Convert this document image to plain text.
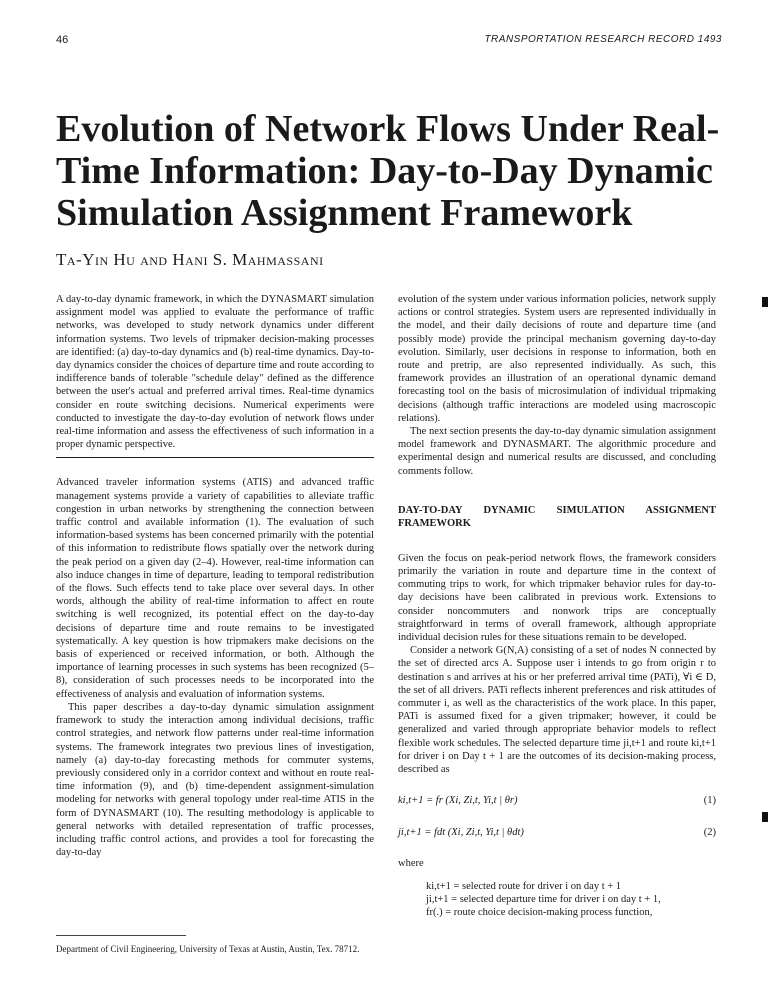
46	TRANSPORTATION RESEARCH RECORD 1493
Evolution of Network Flows Under Real-Time Information: Day-to-Day Dynamic Simulation Assignment Framework
Ta-Yin Hu and Hani S. Mahmassani

A day-to-day dynamic framework, in which the DYNASMART simulation assignment model was applied to evaluate the performance of traffic networks, was developed to study network dynamics under different information systems. Two levels of tripmaker decision-making processes are identified: (a) day-to-day dynamics and (b) real-time dynamics. Day-to-day dynamics consider the choices of departure time and route according to indifference bands of tolerable "schedule delay" defined as the difference between the user's actual and preferred arrival times. Real-time dynamics consider en route switching decisions. Numerical experiments were conducted to investigate the day-to-day evolution of network flows under real-time information and assess the effectiveness of such information in a proper dynamic perspective.

Advanced traveler information systems (ATIS) and advanced traffic management systems provide a variety of capabilities to alleviate traffic congestion in urban networks by strengthening the connection between traffic control and available information (1). The evaluation of such information-based systems has been concerned primarily with the potential of this information to redistribute flows spatially over the network during the peak period on a given day (2–4). However, real-time information can also induce changes in time of departure, leading to temporal redistribution of the flows. Such effects tend to take place over several days. In other words, although the ability of real-time information to affect en route switching is well recognized, its potential effect on the day-to-day decisions of departure time and route remains to be investigated systematically. A key question is how tripmakers make decisions on the basis of experienced or received information, or both. Although the importance of learning processes in such systems has been recognized (5–8), consideration of such processes needs to be incorporated into the effectiveness of analysis and evaluation of information systems.

This paper describes a day-to-day dynamic simulation assignment framework to study the interaction among individual decisions, traffic control strategies, and network flow patterns under real-time information systems. The framework integrates two previous lines of investigation, namely (a) day-to-day forecasting methods for commuter systems, previously considered only in a corridor context and without en route real-time information (9), and (b) time-dependent assignment-simulation modeling for networks with general topology under real-time ATIS in the form of DYNASMART (10). The resulting methodology is applicable to general networks with detailed representation of traffic processes, including traffic control actions, and provides a tool for forecasting the day-to-day

evolution of the system under various information policies, network supply actions or control strategies. System users are represented individually in the model, and their daily decisions of route and departure time (and possibly mode) provide the principal mechanism governing day-to-day evolution. Similarly, user decisions in response to information, both en route and pretrip, are also represented individually. As such, this framework provides an illustration of an operational dynamic demand forecasting tool on the basis of microsimulation of individual tripmaking decisions (although traffic interactions are modeled using macroscopic relations).

The next section presents the day-to-day dynamic simulation assignment model framework and DYNASMART. The algorithmic procedure and experimental design and numerical results are discussed, and concluding comments follow.

DAY-TO-DAY DYNAMIC SIMULATION ASSIGNMENT FRAMEWORK

Given the focus on peak-period network flows, the framework considers primarily the variation in route and departure time in the context of commuting trips to work, for which tripmaker behavior rules for day-to-day decisions have been calibrated in previous work. Extensions to consider noncommuters and nonwork trips are conceptually straightforward in terms of overall framework, although appropriate individual decision rules for these situations remain to be developed.

Consider a network G(N,A) consisting of a set of nodes N connected by the set of directed arcs A. Suppose user i intends to go from origin r to destination s and arrives at his or her preferred arrival time (PATi), ∀i ∈ D, the set of all drivers. PATi reflects inherent preferences and risk attitudes of commuter i, as well as the characteristics of the work place. In this paper, PATi is assumed fixed for a given tripmaker; however, it could be generalized and varied through appropriate behavior models to reflect flexible work schedules. The selected departure time ji,t+1 and route ki,t+1 for driver i on Day t + 1 are the outcomes of its decision-making process, described as

ki,t+1 = fr (Xi, Zi,t, Yi,t | θr)	(1)
ji,t+1 = fdt (Xi, Zi,t, Yi,t | θdt)	(2)
where
ki,t+1 = selected route for driver i on day t + 1
ji,t+1 = selected departure time for driver i on day t + 1,
fr(.) = route choice decision-making process function,
Department of Civil Engineering, University of Texas at Austin, Austin, Tex. 78712.
